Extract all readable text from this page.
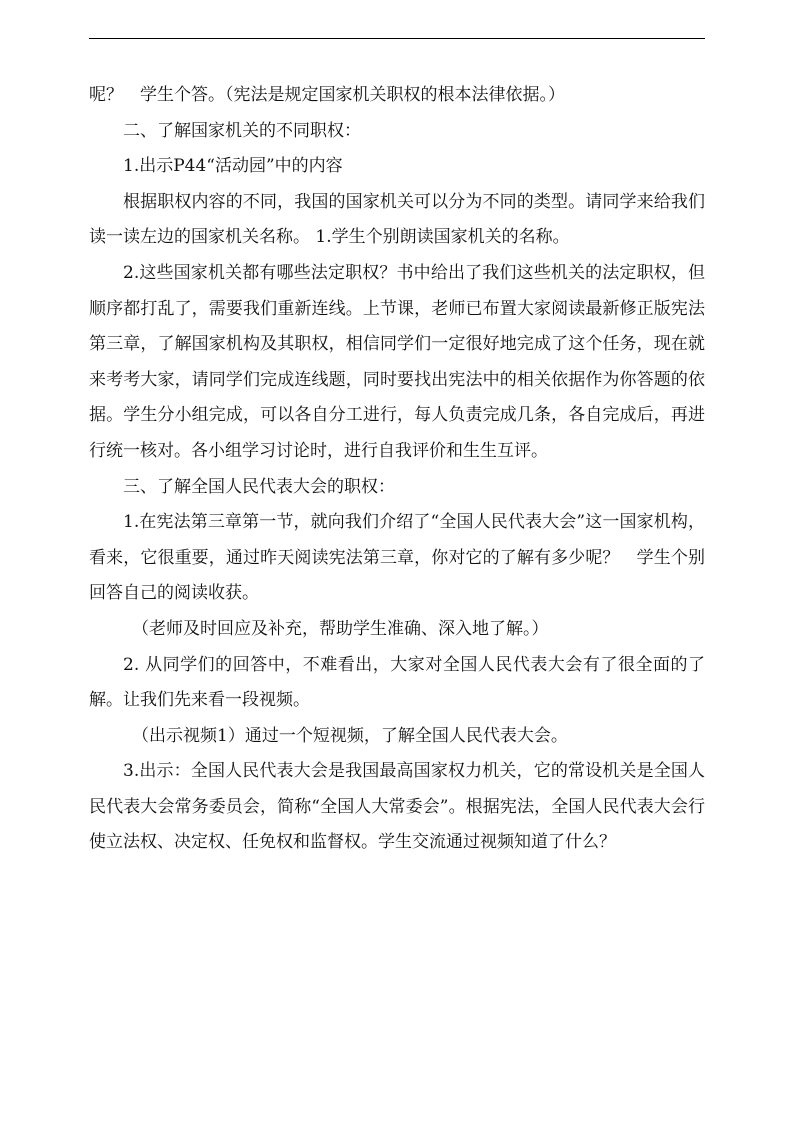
呢？　学生个答。（宪法是规定国家机关职权的根本法律依据。）

二、了解国家机关的不同职权：

1.出示P44“活动园”中的内容

根据职权内容的不同，我国的国家机关可以分为不同的类型。请同学来给我们读一读左边的国家机关名称。 1.学生个别朗读国家机关的名称。

2.这些国家机关都有哪些法定职权？书中给出了我们这些机关的法定职权，但顺序都打乱了，需要我们重新连线。上节课，老师已布置大家阅读最新修正版宪法第三章，了解国家机构及其职权，相信同学们一定很好地完成了这个任务，现在就来考考大家，请同学们完成连线题，同时要找出宪法中的相关依据作为你答题的依据。学生分小组完成，可以各自分工进行，每人负责完成几条，各自完成后，再进行统一核对。各小组学习讨论时，进行自我评价和生生互评。

三、了解全国人民代表大会的职权：

1.在宪法第三章第一节，就向我们介绍了“全国人民代表大会”这一国家机构，看来，它很重要，通过昨天阅读宪法第三章，你对它的了解有多少呢？　学生个别回答自己的阅读收获。

（老师及时回应及补充，帮助学生准确、深入地了解。）

2. 从同学们的回答中，不难看出，大家对全国人民代表大会有了很全面的了解。让我们先来看一段视频。

（出示视频1）通过一个短视频，了解全国人民代表大会。

3.出示：全国人民代表大会是我国最高国家权力机关，它的常设机关是全国人民代表大会常务委员会，简称“全国人大常委会”。根据宪法，全国人民代表大会行使立法权、决定权、任免权和监督权。学生交流通过视频知道了什么？
